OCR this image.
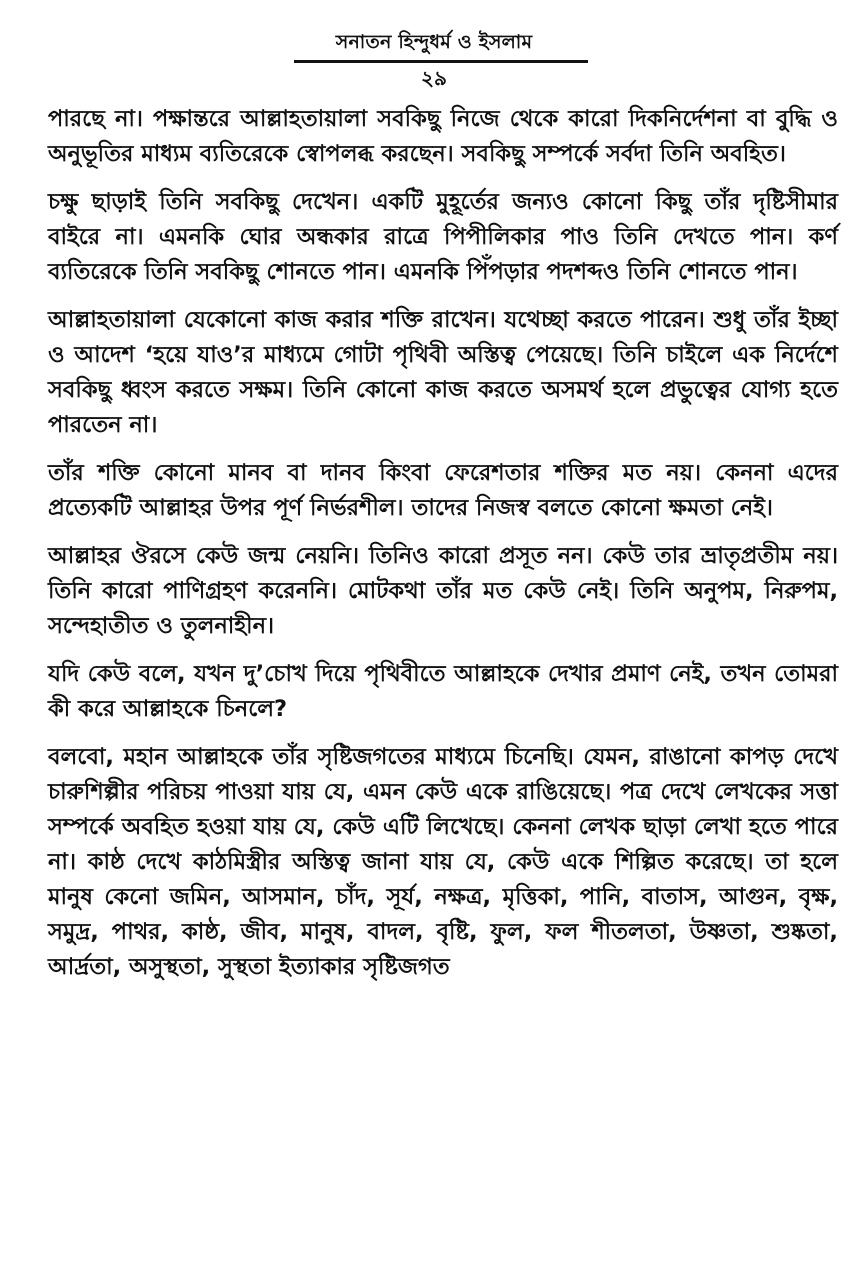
সনাতন হিন্দুধর্ম ও ইসলাম
২৯

পারছে না। পক্ষান্তরে আল্লাহতায়ালা সবকিছু নিজে থেকে কারো দিকনির্দেশনা বা বুদ্ধি ও অনুভূতির মাধ্যম ব্যতিরেকে স্বোপলব্ধ করছেন। সবকিছু সম্পর্কে সর্বদা তিনি অবহিত।

চক্ষু ছাড়াই তিনি সবকিছু দেখেন। একটি মুহূর্তের জন্যও কোনো কিছু তাঁর দৃষ্টিসীমার বাইরে না। এমনকি ঘোর অন্ধকার রাত্রে পিপীলিকার পাও তিনি দেখতে পান। কর্ণ ব্যতিরেকে তিনি সবকিছু শোনতে পান। এমনকি পিঁপড়ার পদশব্দও তিনি শোনতে পান।

আল্লাহতায়ালা যেকোনো কাজ করার শক্তি রাখেন। যথেচ্ছা করতে পারেন। শুধু তাঁর ইচ্ছা ও আদেশ ‘হয়ে যাও’র মাধ্যমে গোটা পৃথিবী অস্তিত্ব পেয়েছে। তিনি চাইলে এক নির্দেশে সবকিছু ধ্বংস করতে সক্ষম। তিনি কোনো কাজ করতে অসমর্থ হলে প্রভুত্বের যোগ্য হতে পারতেন না।

তাঁর শক্তি কোনো মানব বা দানব কিংবা ফেরেশতার শক্তির মত নয়। কেননা এদের প্রত্যেকটি আল্লাহর উপর পূর্ণ নির্ভরশীল। তাদের নিজস্ব বলতে কোনো ক্ষমতা নেই।

আল্লাহর ঔরসে কেউ জন্ম নেয়নি। তিনিও কারো প্রসূত নন। কেউ তার ভ্রাতৃপ্রতীম নয়। তিনি কারো পাণিগ্রহণ করেননি। মোটকথা তাঁর মত কেউ নেই। তিনি অনুপম, নিরুপম, সন্দেহাতীত ও তুলনাহীন।

যদি কেউ বলে, যখন দু’চোখ দিয়ে পৃথিবীতে আল্লাহকে দেখার প্রমাণ নেই, তখন তোমরা কী করে আল্লাহকে চিনলে?

বলবো, মহান আল্লাহকে তাঁর সৃষ্টিজগতের মাধ্যমে চিনেছি। যেমন, রাঙানো কাপড় দেখে চারুশিল্পীর পরিচয় পাওয়া যায় যে, এমন কেউ একে রাঙিয়েছে। পত্র দেখে লেখকের সত্তা সম্পর্কে অবহিত হওয়া যায় যে, কেউ এটি লিখেছে। কেননা লেখক ছাড়া লেখা হতে পারে না। কাষ্ঠ দেখে কাঠমিস্ত্রীর অস্তিত্ব জানা যায় যে, কেউ একে শিল্পিত করেছে। তা হলে মানুষ কেনো জমিন, আসমান, চাঁদ, সূর্য, নক্ষত্র, মৃত্তিকা, পানি, বাতাস, আগুন, বৃক্ষ, সমুদ্র, পাথর, কাষ্ঠ, জীব, মানুষ, বাদল, বৃষ্টি, ফুল, ফল শীতলতা, উষ্ণতা, শুষ্কতা, আর্দ্রতা, অসুস্থতা, সুস্থতা ইত্যাকার সৃষ্টিজগত
